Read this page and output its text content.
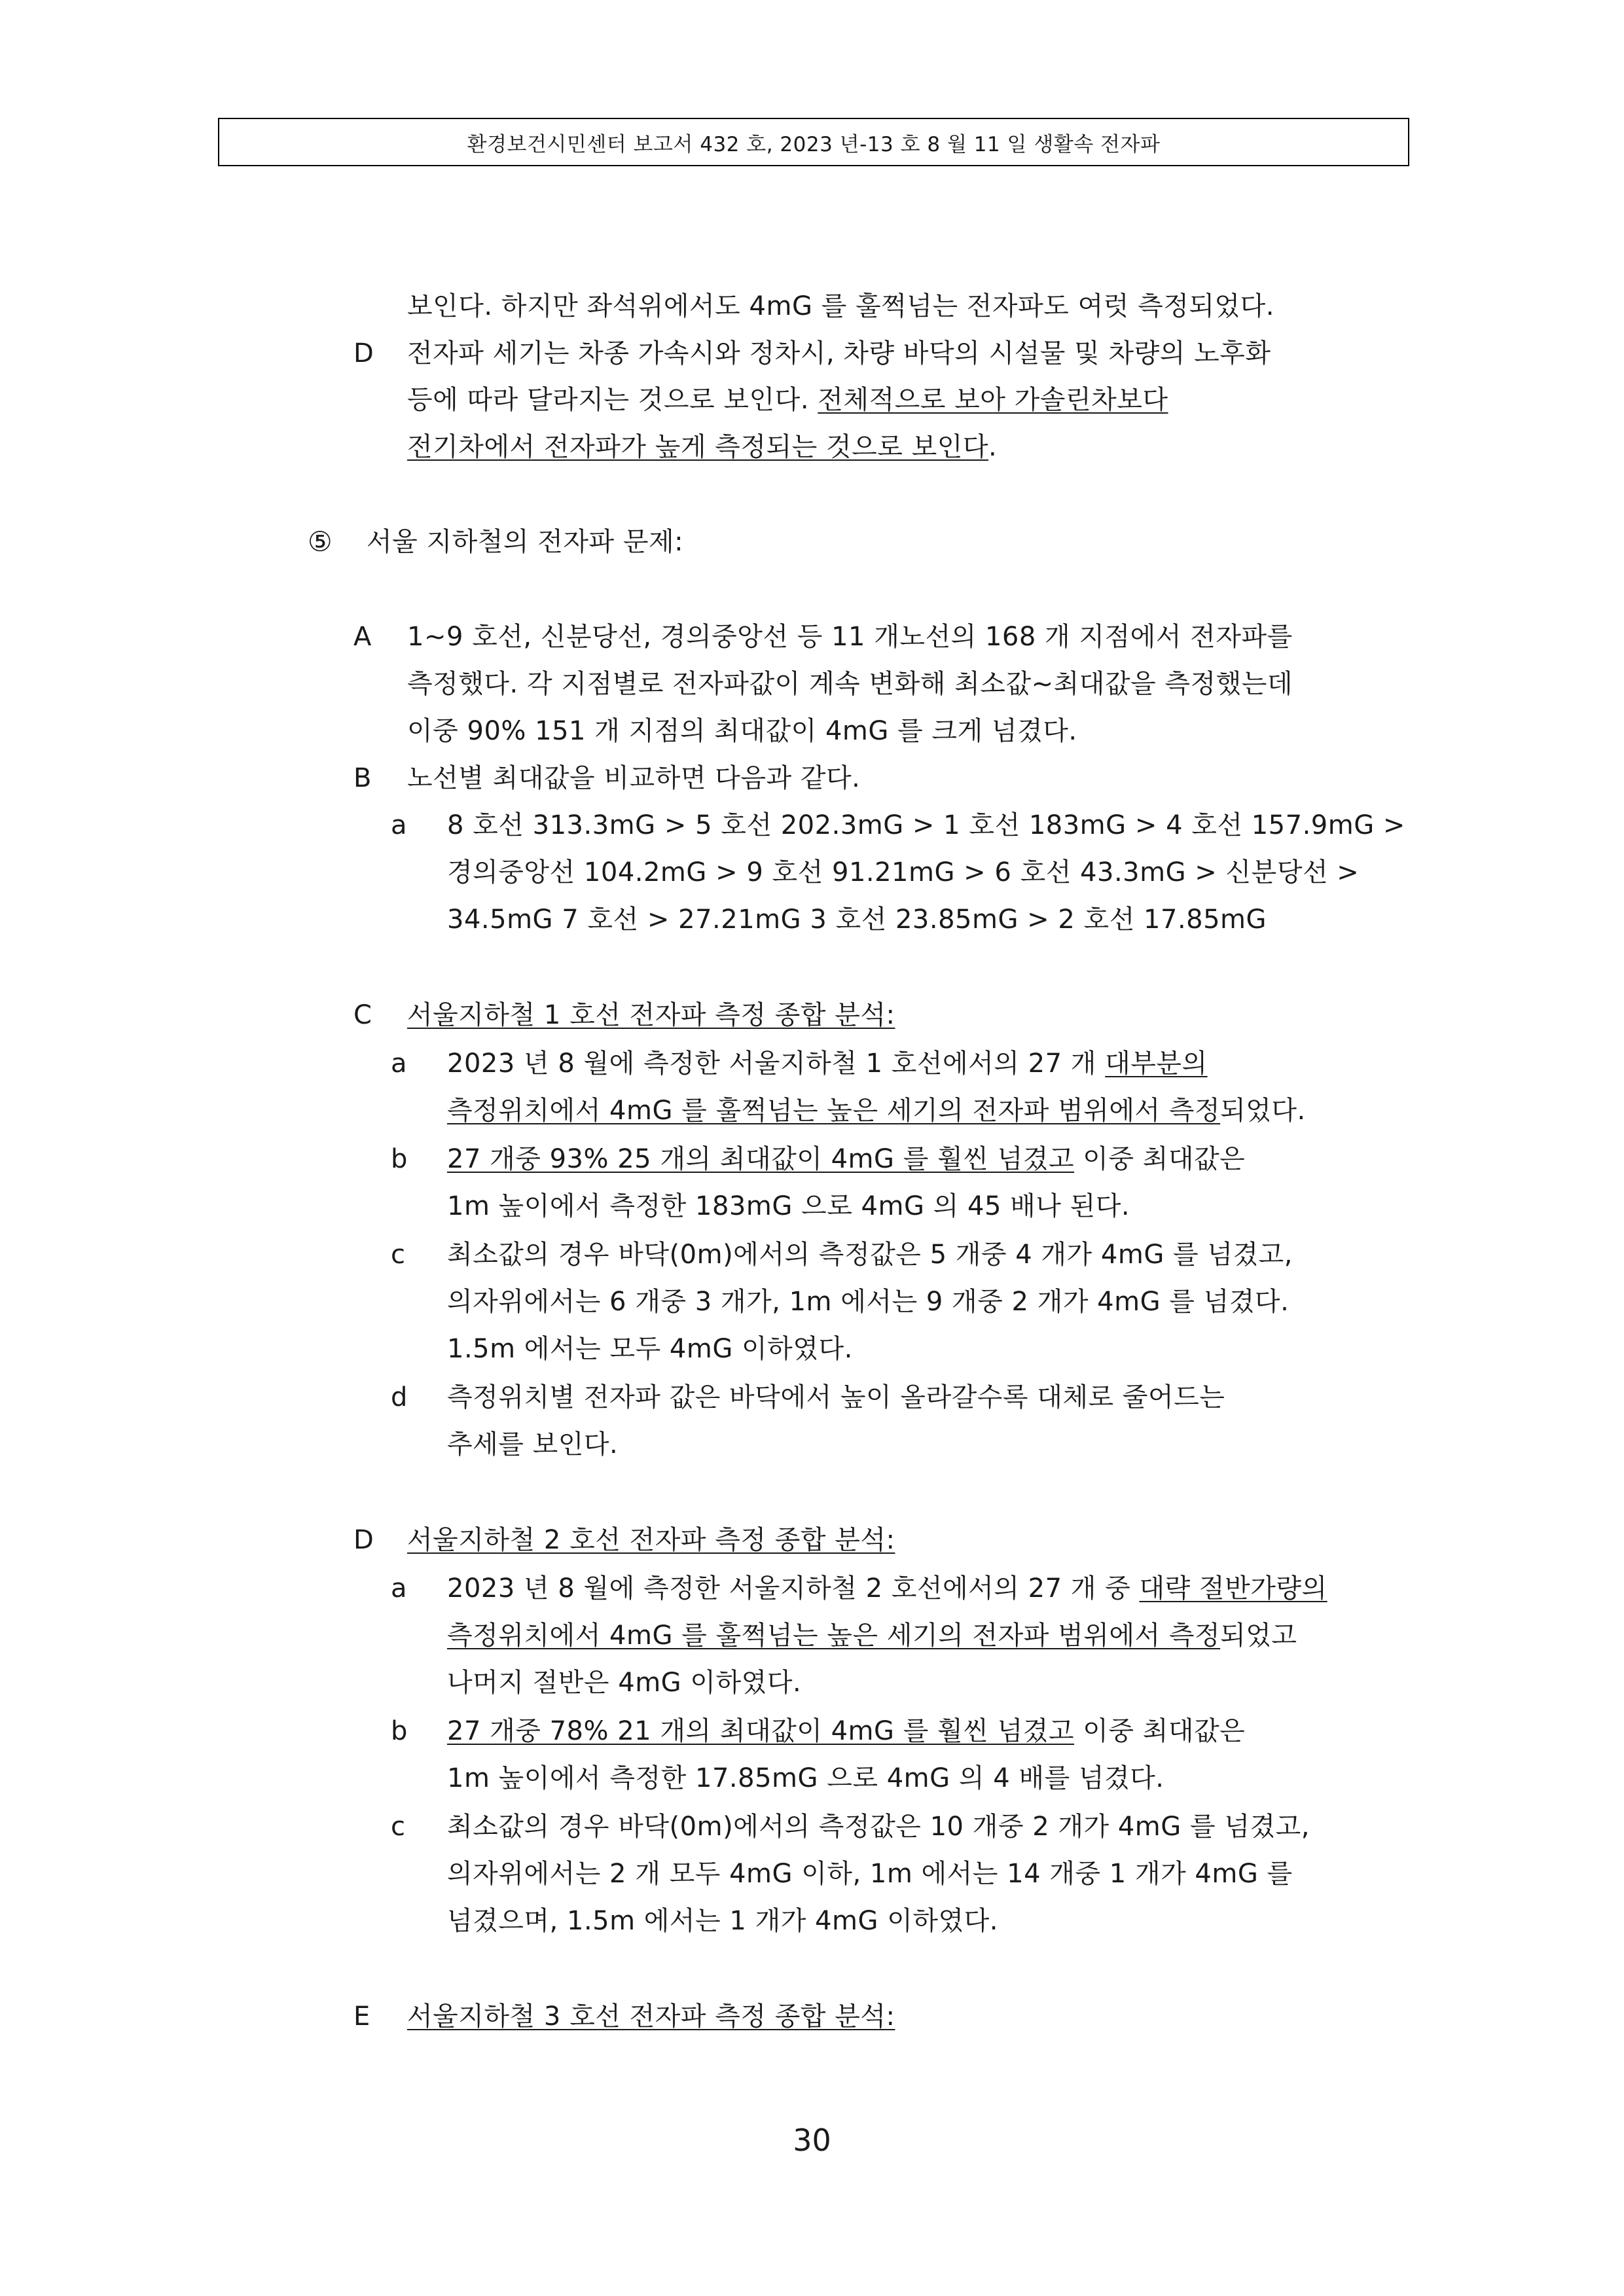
환경보건시민센터 보고서 432 호, 2023 년-13 호 8 월 11 일 생활속 전자파
보인다. 하지만 좌석위에서도 4mG 를 훌쩍넘는 전자파도 여럿 측정되었다.
D 전자파 세기는 차종 가속시와 정차시, 차량 바닥의 시설물 및 차량의 노후화
등에 따라 달라지는 것으로 보인다. 전체적으로 보아 가솔린차보다
전기차에서 전자파가 높게 측정되는 것으로 보인다.
⑤ 서울 지하철의 전자파 문제:
A 1~9 호선, 신분당선, 경의중앙선 등 11 개노선의 168 개 지점에서 전자파를
측정했다. 각 지점별로 전자파값이 계속 변화해 최소값~최대값을 측정했는데
이중 90% 151 개 지점의 최대값이 4mG 를 크게 넘겼다.
B 노선별 최대값을 비교하면 다음과 같다.
a 8 호선 313.3mG > 5 호선 202.3mG > 1 호선 183mG > 4 호선 157.9mG >
경의중앙선 104.2mG > 9 호선 91.21mG > 6 호선 43.3mG > 신분당선 >
34.5mG 7 호선 > 27.21mG 3 호선 23.85mG > 2 호선 17.85mG
C 서울지하철 1 호선 전자파 측정 종합 분석:
a 2023 년 8 월에 측정한 서울지하철 1 호선에서의 27 개 대부분의
측정위치에서 4mG 를 훌쩍넘는 높은 세기의 전자파 범위에서 측정되었다.
b 27 개중 93% 25 개의 최대값이 4mG 를 훨씬 넘겼고 이중 최대값은
1m 높이에서 측정한 183mG 으로 4mG 의 45 배나 된다.
c 최소값의 경우 바닥(0m)에서의 측정값은 5 개중 4 개가 4mG 를 넘겼고,
의자위에서는 6 개중 3 개가, 1m 에서는 9 개중 2 개가 4mG 를 넘겼다.
1.5m 에서는 모두 4mG 이하였다.
d 측정위치별 전자파 값은 바닥에서 높이 올라갈수록 대체로 줄어드는
추세를 보인다.
D 서울지하철 2 호선 전자파 측정 종합 분석:
a 2023 년 8 월에 측정한 서울지하철 2 호선에서의 27 개 중 대략 절반가량의
측정위치에서 4mG 를 훌쩍넘는 높은 세기의 전자파 범위에서 측정되었고
나머지 절반은 4mG 이하였다.
b 27 개중 78% 21 개의 최대값이 4mG 를 훨씬 넘겼고 이중 최대값은
1m 높이에서 측정한 17.85mG 으로 4mG 의 4 배를 넘겼다.
c 최소값의 경우 바닥(0m)에서의 측정값은 10 개중 2 개가 4mG 를 넘겼고,
의자위에서는 2 개 모두 4mG 이하, 1m 에서는 14 개중 1 개가 4mG 를
넘겼으며, 1.5m 에서는 1 개가 4mG 이하였다.
E 서울지하철 3 호선 전자파 측정 종합 분석:
30
